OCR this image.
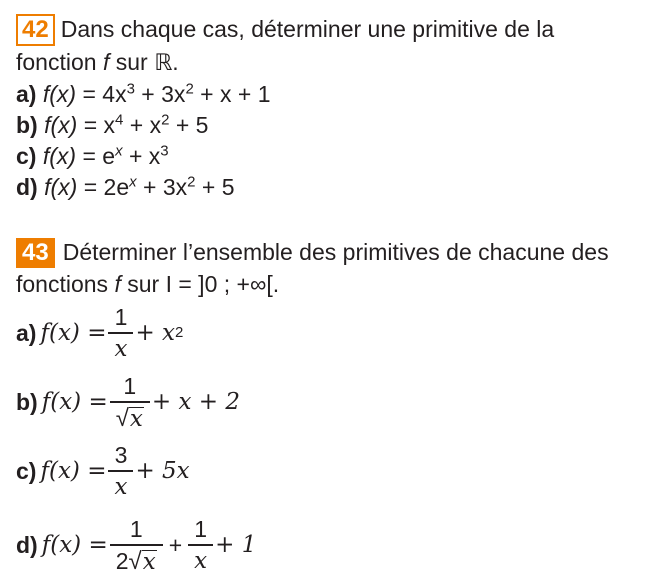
42 Dans chaque cas, déterminer une primitive de la
fonction f sur ℝ.
a) $f(x) = 4x^3 + 3x^2 + x + 1$
b) $f(x) = x^4 + x^2 + 5$
c) $f(x) = e^x + x^3$
d) $f(x) = 2e^x + 3x^2 + 5$
43 Déterminer l’ensemble des primitives de chacune des
fonctions f sur I = ]0 ; +∞[.
a) $f(x) = \frac{1}{x} + x$ 2
b) $f(x) = \frac{1}{√ x} + x + 2$
c) $f(x) = \frac{3}{x} + 5x$
d) $f(x) = \frac{1}{2 √ x} + \frac{1}{x} + 1$
